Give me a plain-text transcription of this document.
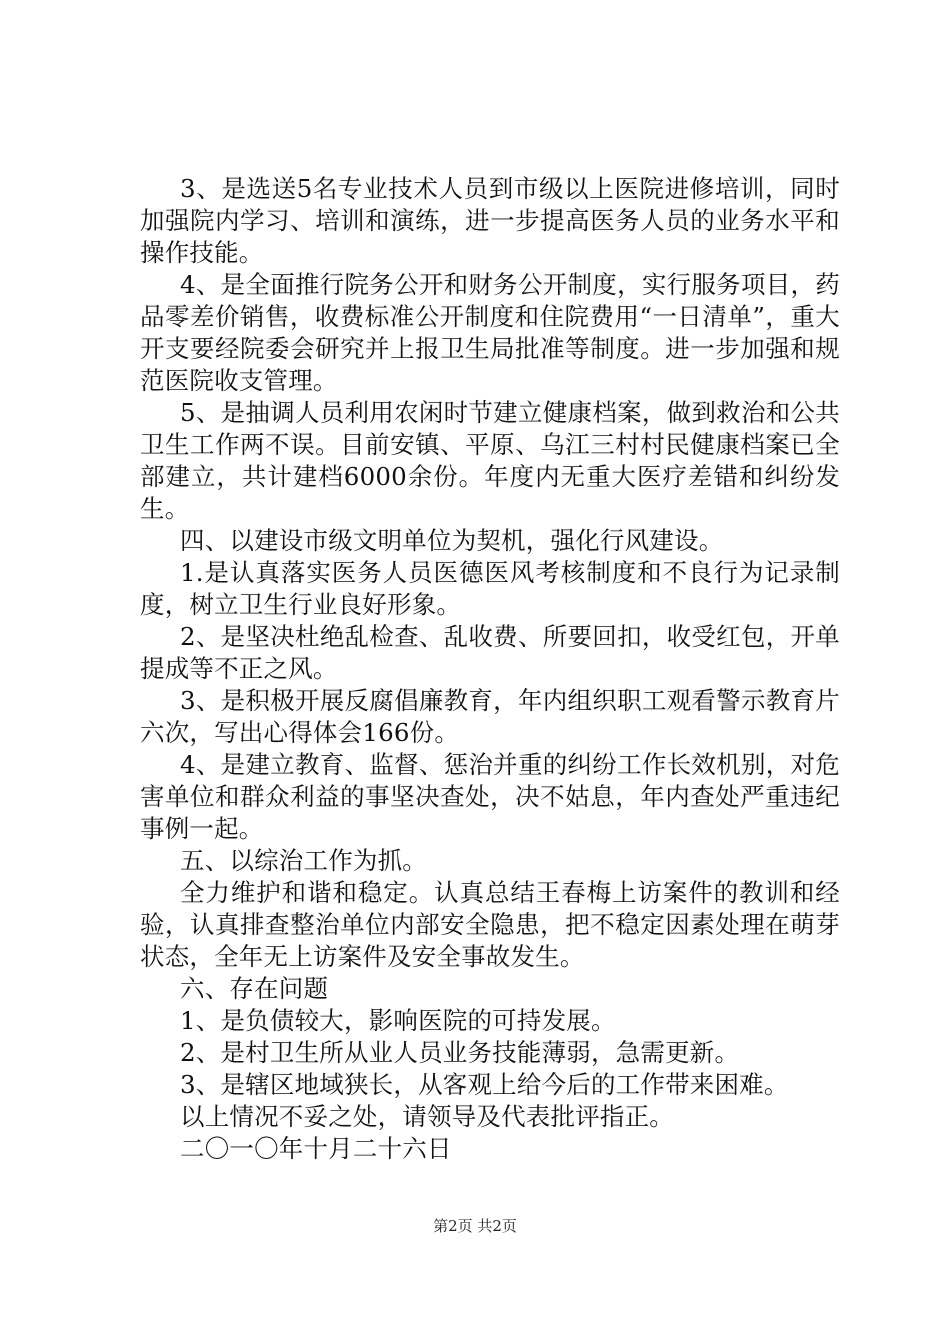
3、是选送5名专业技术人员到市级以上医院进修培训，同时加强院内学习、培训和演练，进一步提高医务人员的业务水平和操作技能。

4、是全面推行院务公开和财务公开制度，实行服务项目，药品零差价销售，收费标准公开制度和住院费用“一日清单”，重大开支要经院委会研究并上报卫生局批准等制度。进一步加强和规范医院收支管理。

5、是抽调人员利用农闲时节建立健康档案，做到救治和公共卫生工作两不误。目前安镇、平原、乌江三村村民健康档案已全部建立，共计建档6000余份。年度内无重大医疗差错和纠纷发生。

四、以建设市级文明单位为契机，强化行风建设。

1.是认真落实医务人员医德医风考核制度和不良行为记录制度，树立卫生行业良好形象。

2、是坚决杜绝乱检查、乱收费、所要回扣，收受红包，开单提成等不正之风。

3、是积极开展反腐倡廉教育，年内组织职工观看警示教育片六次，写出心得体会166份。

4、是建立教育、监督、惩治并重的纠纷工作长效机别，对危害单位和群众利益的事坚决查处，决不姑息，年内查处严重违纪事例一起。

五、以综治工作为抓。

全力维护和谐和稳定。认真总结王春梅上访案件的教训和经验，认真排查整治单位内部安全隐患，把不稳定因素处理在萌芽状态，全年无上访案件及安全事故发生。

六、存在问题

1、是负债较大，影响医院的可持发展。

2、是村卫生所从业人员业务技能薄弱，急需更新。

3、是辖区地域狭长，从客观上给今后的工作带来困难。

以上情况不妥之处，请领导及代表批评指正。

二〇一〇年十月二十六日

第2页 共2页
